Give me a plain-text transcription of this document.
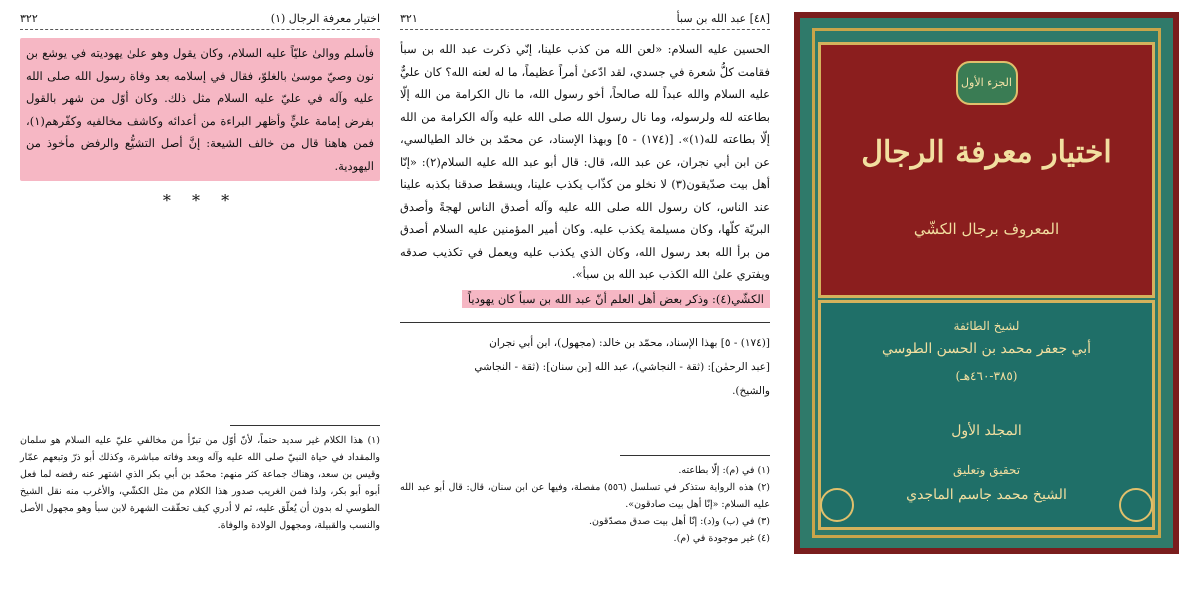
اختيار معرفة الرجال (١)
٣٢٢
فأسلم ووالىٰ عليّاً عليه السلام، وكان يقول وهو علىٰ يهوديته في يوشع بن نون وصيّ موسىٰ بالغلوّ، فقال في إسلامه بعد وفاة رسول الله صلى الله عليه وآله في عليّ عليه السلام مثل ذلك. وكان أوّل من شهر بالقول بفرض إمامة عليٍّ وأظهر البراءة من أعدائه وكاشف مخالفيه وكفّرهم(١)، فمن هاهنا قال من خالف الشيعة: إنَّ أصل التشيُّع والرفض مأخوذ من اليهودية.
* * *
(١) هذا الكلام غير سديد حتماً، لأنّ أوّل من تبرّأ من مخالفي عليّ عليه السلام هو سلمان والمقداد في حياة النبيّ صلى الله عليه وآله وبعد وفاته مباشرة، وكذلك أبو ذرّ وتبعهم عمّار وقيس بن سعد، وهناك جماعة كثر منهم: محمّد بن أبي بكر الذي اشتهر عنه رفضه لما فعل أبوه أبو بكر، ولذا فمن الغريب صدور هذا الكلام من مثل الكشّي، والأغرب منه نقل الشيخ الطوسي له بدون أن يُعلّق عليه، ثم لا أدري كيف تحقّقت الشهرة لابن سبأ وهو مجهول الأصل والنسب والقبيلة، ومجهول الولادة والوفاة.
[٤٨] عبد الله بن سبأ
٣٢١
الحسين عليه السلام: «لعن الله من كذب علينا، إنّي ذكرت عبد الله بن سبأ فقامت كلُّ شعرة في جسدي، لقد ادّعىٰ أمراً عظيماً، ما له لعنه الله؟ كان عليٌّ عليه السلام والله عبداً لله صالحاً، أخو رسول الله، ما نال الكرامة من الله إلّا بطاعته لله ولرسوله، وما نال رسول الله صلى الله عليه وآله الكرامة من الله إلّا بطاعته لله(١)». [(١٧٤) - ٥] وبهذا الإسناد، عن محمّد بن خالد الطيالسي، عن ابن أبي نجران، عن عبد الله، قال: قال أبو عبد الله عليه السلام(٢): «إنّا أهل بيت صدّيقون(٣) لا نخلو من كذّاب يكذب علينا، ويسقط صدقنا بكذبه علينا عند الناس، كان رسول الله صلى الله عليه وآله أصدق الناس لهجةً وأصدق البريّة كلّها، وكان مسيلمة يكذب عليه. وكان أمير المؤمنين عليه السلام أصدق من برأ الله بعد رسول الله، وكان الذي يكذب عليه ويعمل في تكذيب صدقه ويفتري علىٰ الله الكذب عبد الله بن سبأ».
الكشّي(٤): وذكر بعض أهل العلم أنّ عبد الله بن سبأ كان يهودياً
[(١٧٤) - ٥] بهذا الإسناد، محمّد بن خالد: (مجهول)، ابن أبي نجران
[عبد الرحمٰن]: (ثقة - النجاشي)، عبد الله [بن سنان]: (ثقة - النجاشي
والشيخ).
(١) في (م): إلّا بطاعته.
(٢) هذه الرواية ستذكر في تسلسل (٥٥٦) مفصلة، وفيها عن ابن سنان، قال: قال أبو عبد الله عليه السلام: «إنّا أهل بيت صادقون».
(٣) في (ب) و(د): إنّا أهل بيت صدق مصدّقون.
(٤) غير موجودة في (م).
الجزء الأول
اختيار معرفة الرجال
المعروف برجال الكشّي
لشيخ الطائفة
أبي جعفر محمد بن الحسن الطوسي
(٣٨٥-٤٦٠هـ)
المجلد الأول
تحقيق وتعليق
الشيخ محمد جاسم الماجدي
